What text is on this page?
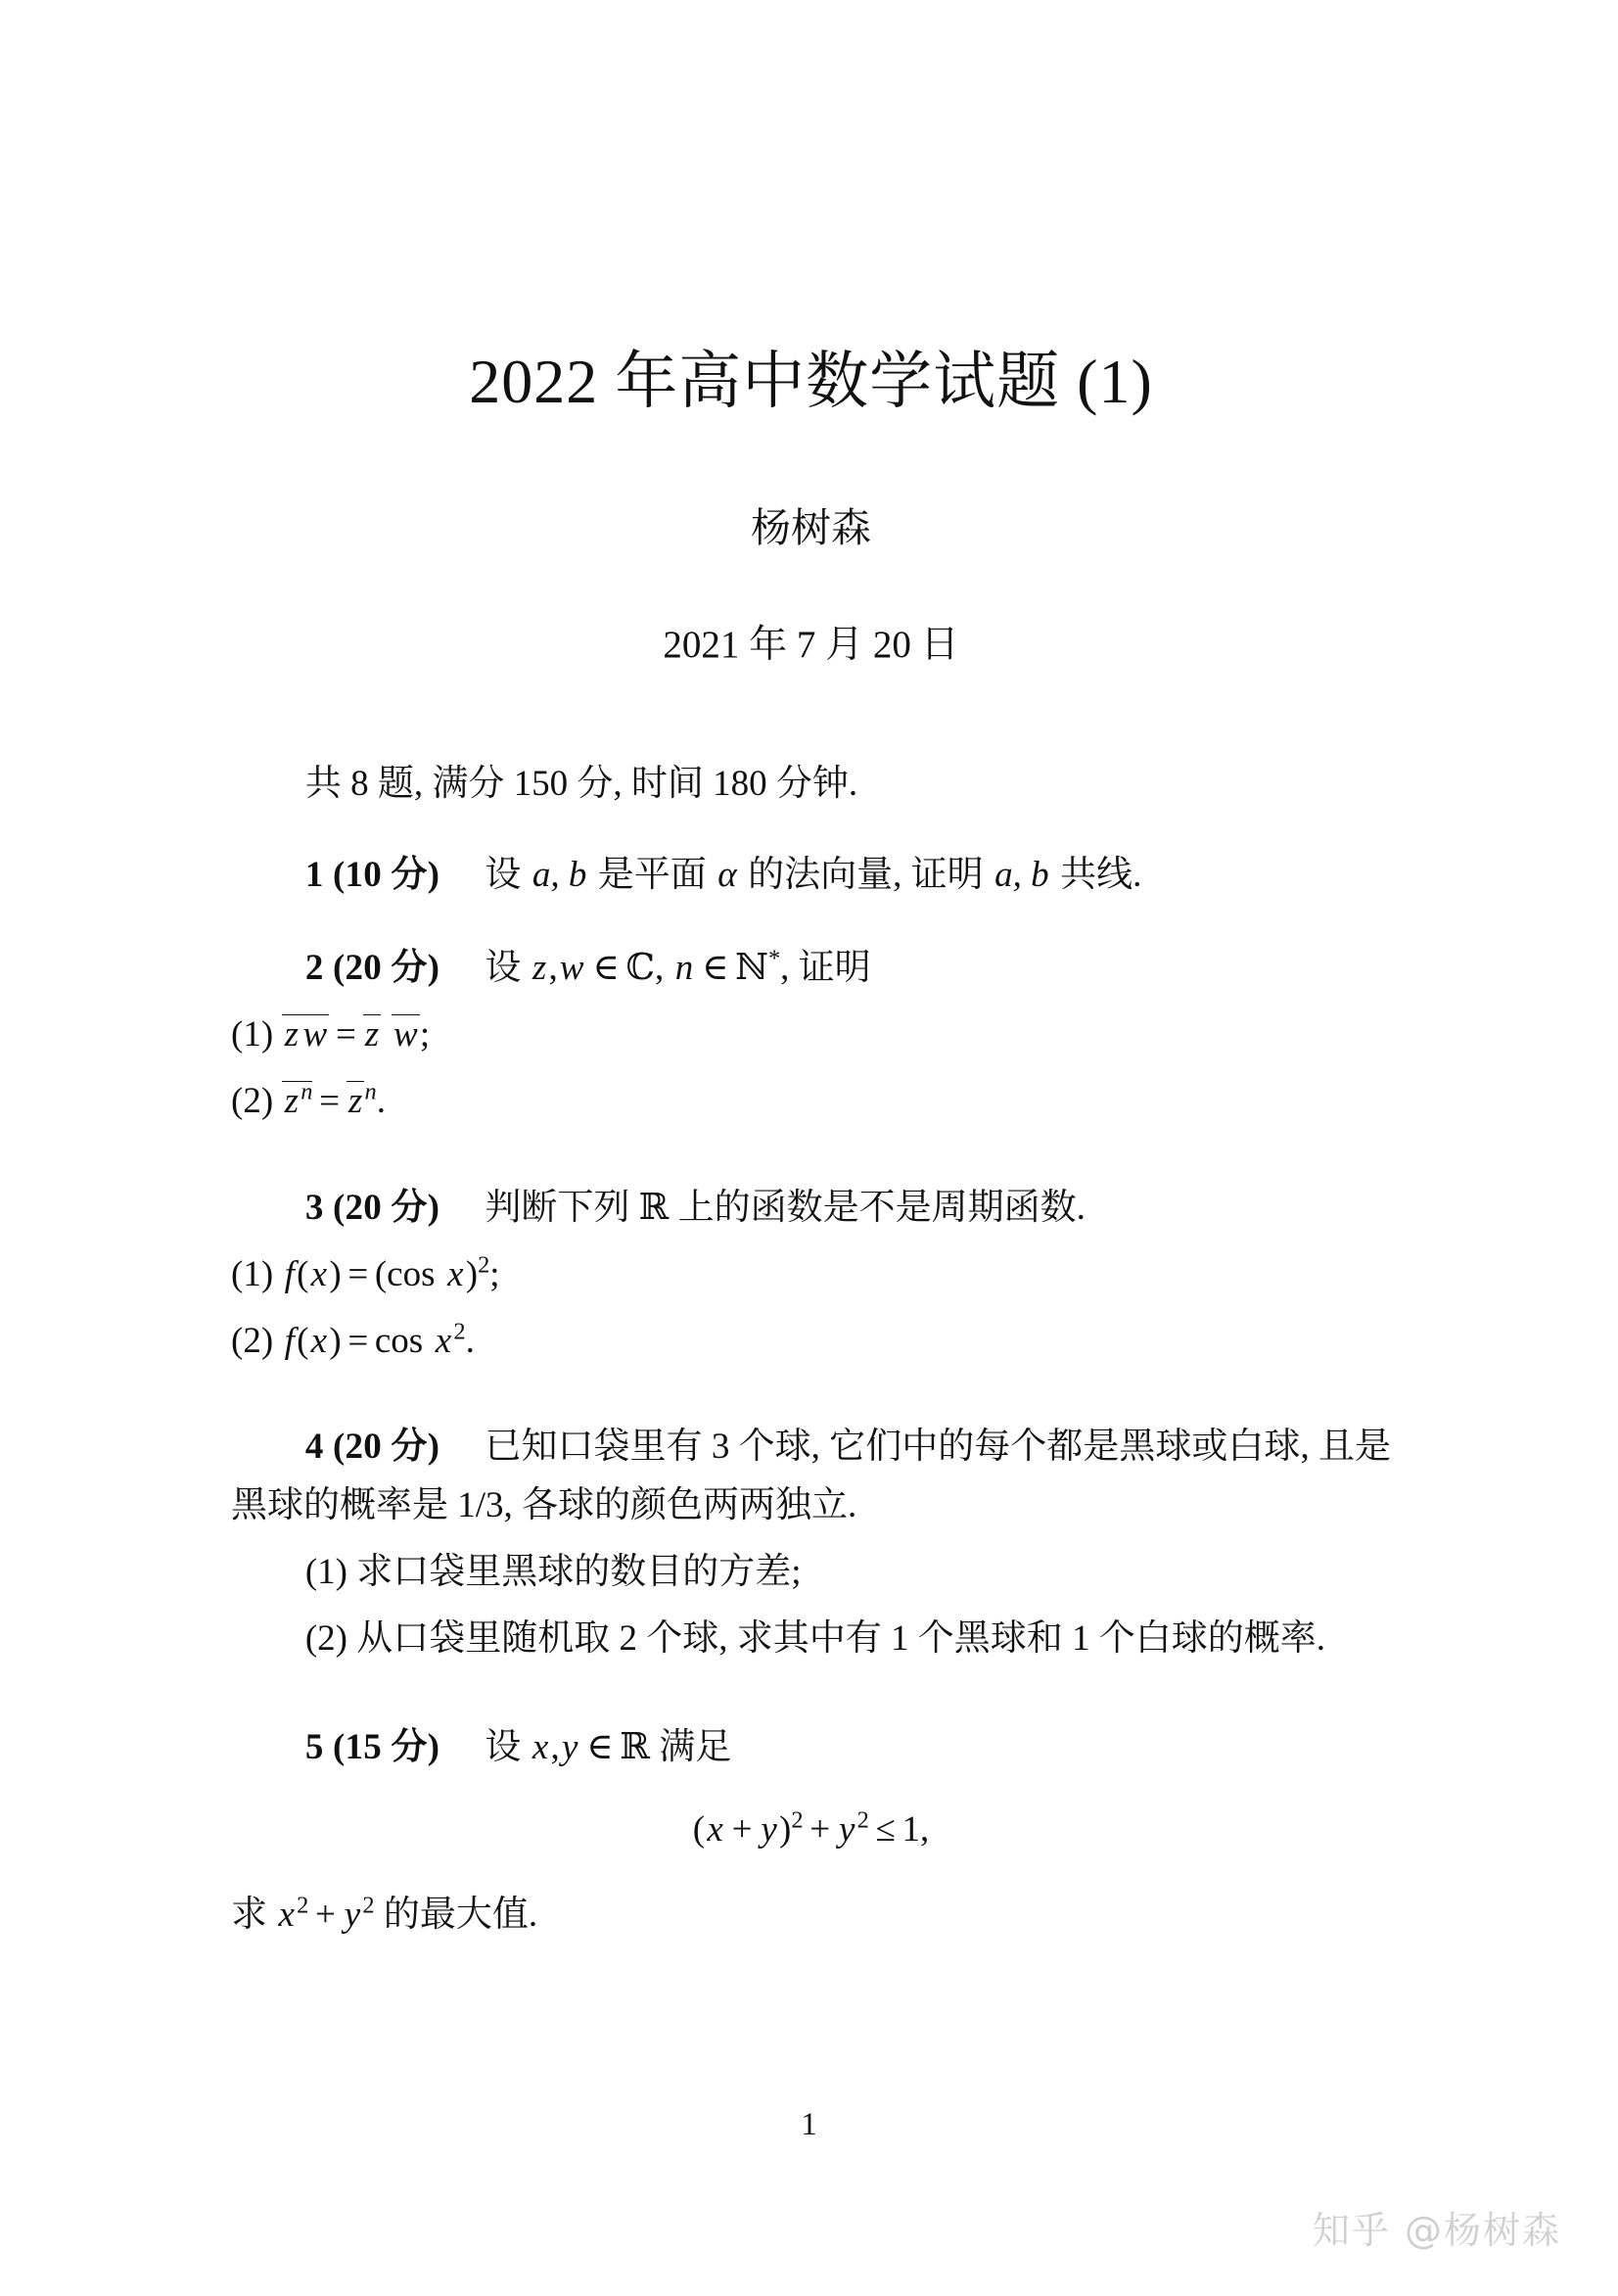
2022 年高中数学试题 (1)
杨树森
2021 年 7 月 20 日

共 8 题, 满分 150 分, 时间 180 分钟.

1 (10 分) 设 a, b 是平面 α 的法向量, 证明 a, b 共线.

2 (20 分) 设 z,w ∈ ℂ, n ∈ ℕ*, 证明

(1) z w = z w;

(2) $z^n = z^n$.

3 (20 分) 判断下列 ℝ 上的函数是不是周期函数.

(1) f(x) = (cos x)$^2$;

(2) $f(x) = \cos x^2$.

4 (20 分) 已知口袋里有 3 个球, 它们中的每个都是黑球或白球, 且是黑球的概率是 1/3, 各球的颜色两两独立.

(1) 求口袋里黑球的数目的方差;

(2) 从口袋里随机取 2 个球, 求其中有 1 个黑球和 1 个白球的概率.

5 (15 分) 设 x,y ∈ ℝ 满足

$(x + y)^2 + y^2 \le 1$,

求 $x^2 + y^2$ 的最大值.

1
知乎 @杨树森
